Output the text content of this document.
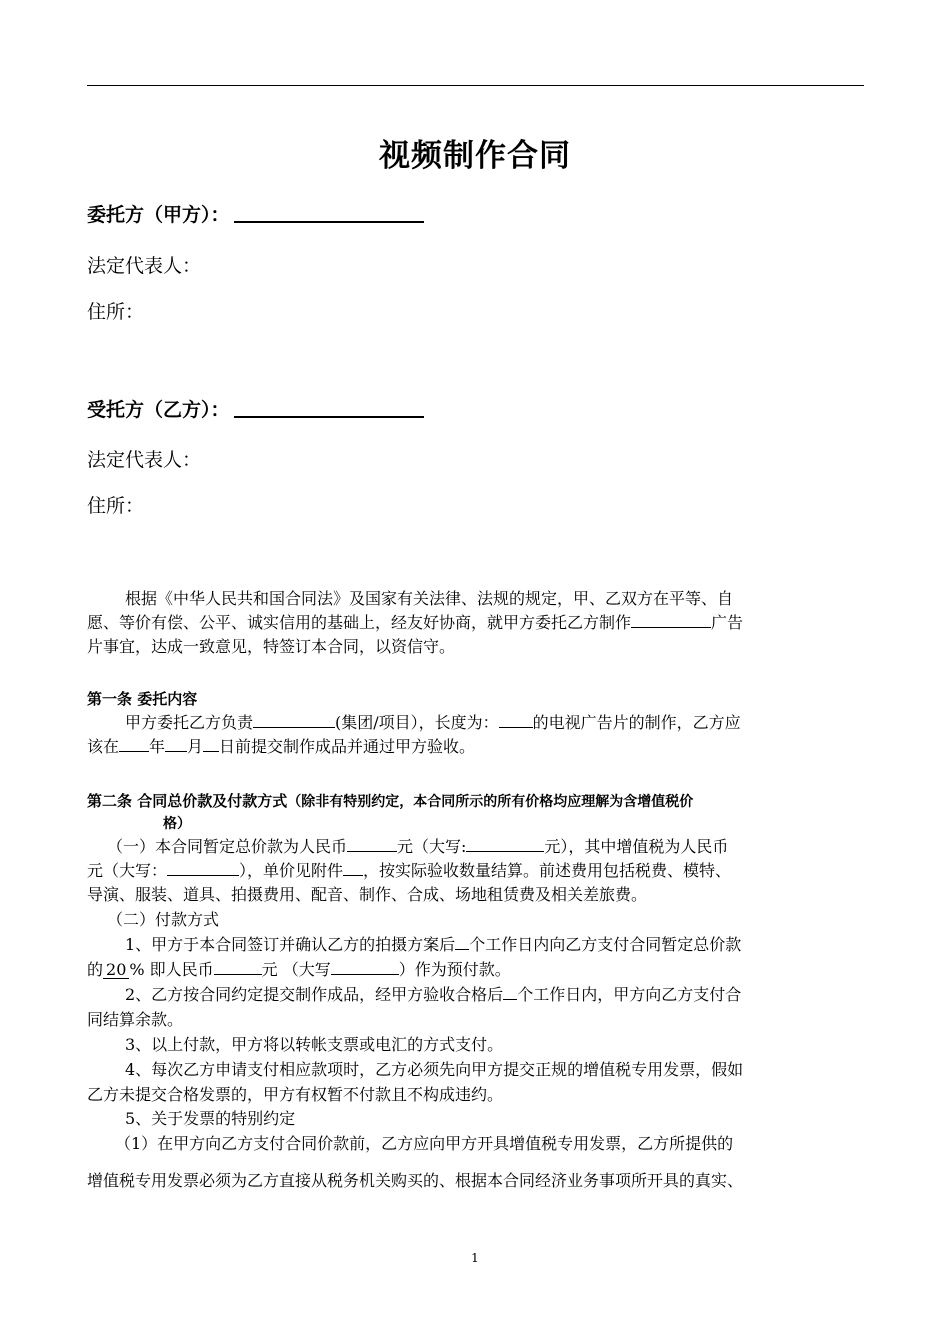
视频制作合同
委托方（甲方）：
法定代表人：
住所：
受托方（乙方）：
法定代表人：
住所：
根据《中华人民共和国合同法》及国家有关法律、法规的规定，甲、乙双方在平等、自
愿、等价有偿、公平、诚实信用的基础上，经友好协商，就甲方委托乙方制作	广告
片事宜，达成一致意见，特签订本合同，以资信守。
第一条 委托内容
甲方委托乙方负责	(集团/项目），长度为： 的电视广告片的制作，乙方应
该在 年 月 日前提交制作成品并通过甲方验收。
第二条 合同总价款及付款方式（除非有特别约定，本合同所示的所有价格均应理解为含增值税价
格）
（一）本合同暂定总价款为人民币	元（大写:	元），其中增值税为人民币
元（大写：	），单价见附件 ，按实际验收数量结算。前述费用包括税费、模特、
导演、服装、道具、拍摄费用、配音、制作、合成、场地租赁费及相关差旅费。
（二）付款方式
1、甲方于本合同签订并确认乙方的拍摄方案后 个工作日内向乙方支付合同暂定总价款
的 20 % 即人民币	元 （大写	）作为预付款。
2、乙方按合同约定提交制作成品，经甲方验收合格后 个工作日内，甲方向乙方支付合
同结算余款。
3、以上付款，甲方将以转帐支票或电汇的方式支付。
4、每次乙方申请支付相应款项时，乙方必须先向甲方提交正规的增值税专用发票，假如
乙方未提交合格发票的，甲方有权暂不付款且不构成违约。
5、关于发票的特别约定
（1）在甲方向乙方支付合同价款前，乙方应向甲方开具增值税专用发票，乙方所提供的
增值税专用发票必须为乙方直接从税务机关购买的、根据本合同经济业务事项所开具的真实、
1
